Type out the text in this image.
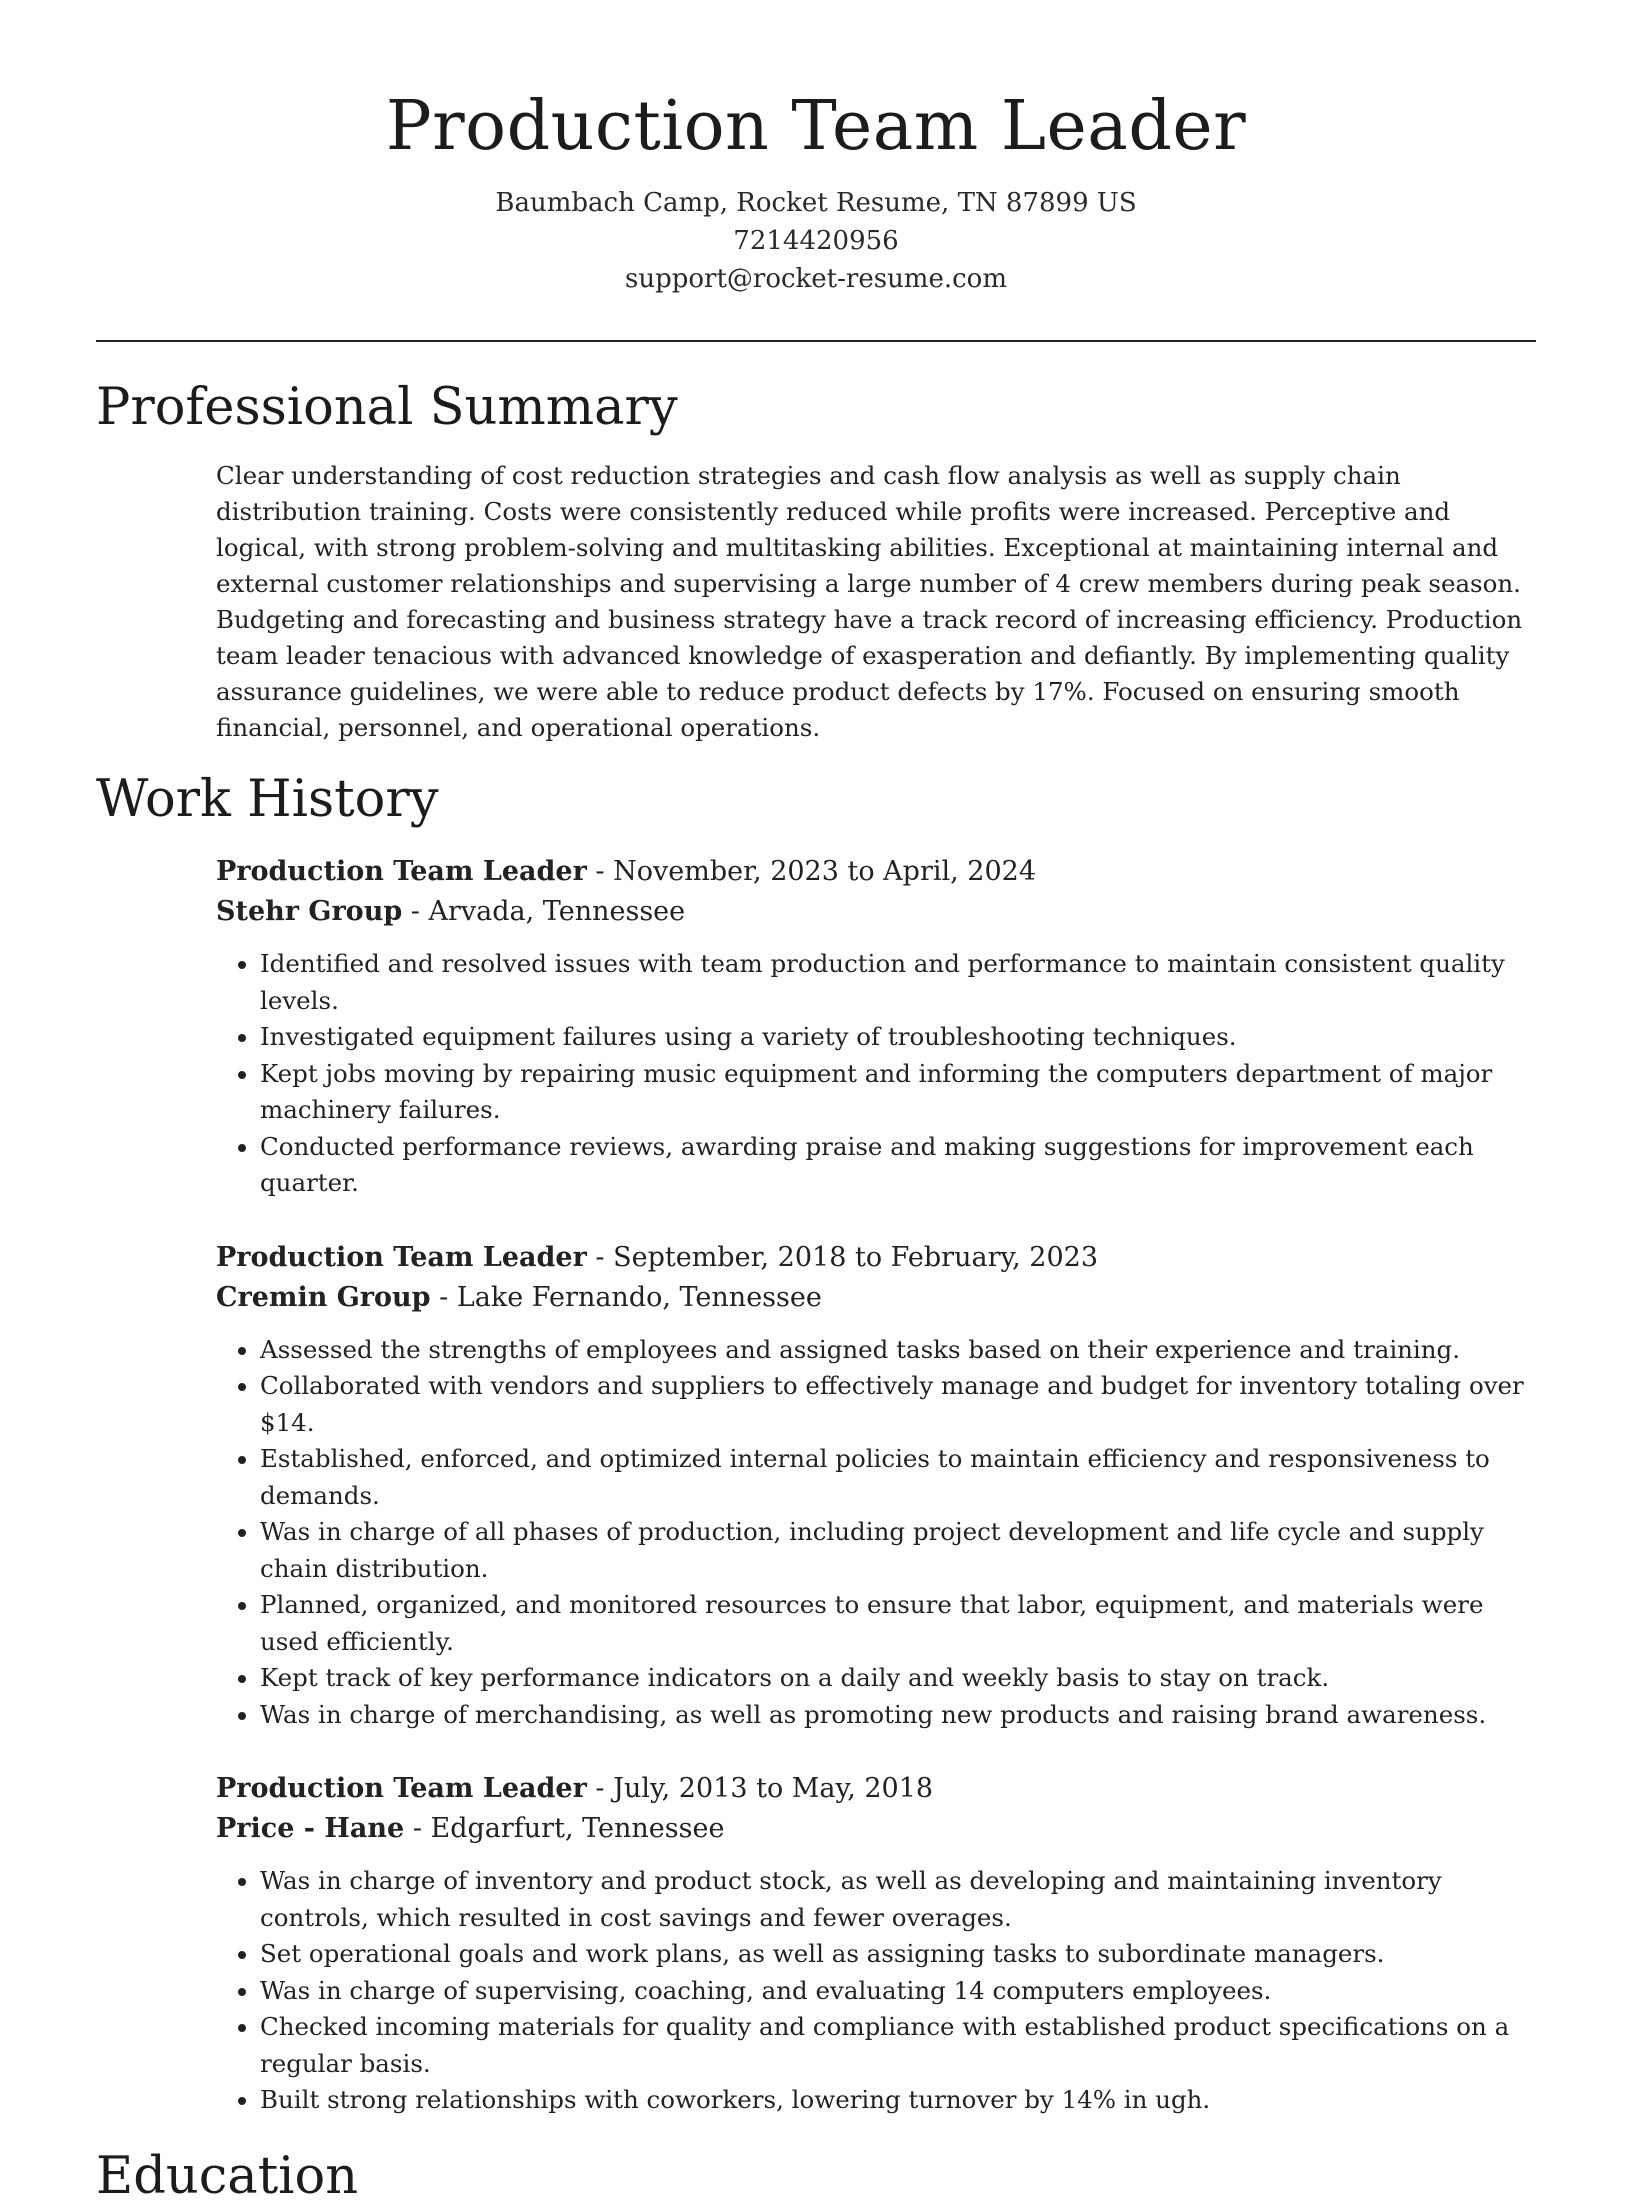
Production Team Leader
Baumbach Camp, Rocket Resume, TN 87899 US
7214420956
support@rocket-resume.com
Professional Summary
Clear understanding of cost reduction strategies and cash flow analysis as well as supply chain distribution training. Costs were consistently reduced while profits were increased. Perceptive and logical, with strong problem-solving and multitasking abilities. Exceptional at maintaining internal and external customer relationships and supervising a large number of 4 crew members during peak season. Budgeting and forecasting and business strategy have a track record of increasing efficiency. Production team leader tenacious with advanced knowledge of exasperation and defiantly. By implementing quality assurance guidelines, we were able to reduce product defects by 17%. Focused on ensuring smooth financial, personnel, and operational operations.
Work History
Production Team Leader - November, 2023 to April, 2024
Stehr Group - Arvada, Tennessee
• Identified and resolved issues with team production and performance to maintain consistent quality levels.
• Investigated equipment failures using a variety of troubleshooting techniques.
• Kept jobs moving by repairing music equipment and informing the computers department of major machinery failures.
• Conducted performance reviews, awarding praise and making suggestions for improvement each quarter.
Production Team Leader - September, 2018 to February, 2023
Cremin Group - Lake Fernando, Tennessee
• Assessed the strengths of employees and assigned tasks based on their experience and training.
• Collaborated with vendors and suppliers to effectively manage and budget for inventory totaling over $14.
• Established, enforced, and optimized internal policies to maintain efficiency and responsiveness to demands.
• Was in charge of all phases of production, including project development and life cycle and supply chain distribution.
• Planned, organized, and monitored resources to ensure that labor, equipment, and materials were used efficiently.
• Kept track of key performance indicators on a daily and weekly basis to stay on track.
• Was in charge of merchandising, as well as promoting new products and raising brand awareness.
Production Team Leader - July, 2013 to May, 2018
Price - Hane - Edgarfurt, Tennessee
• Was in charge of inventory and product stock, as well as developing and maintaining inventory controls, which resulted in cost savings and fewer overages.
• Set operational goals and work plans, as well as assigning tasks to subordinate managers.
• Was in charge of supervising, coaching, and evaluating 14 computers employees.
• Checked incoming materials for quality and compliance with established product specifications on a regular basis.
• Built strong relationships with coworkers, lowering turnover by 14% in ugh.
Education
